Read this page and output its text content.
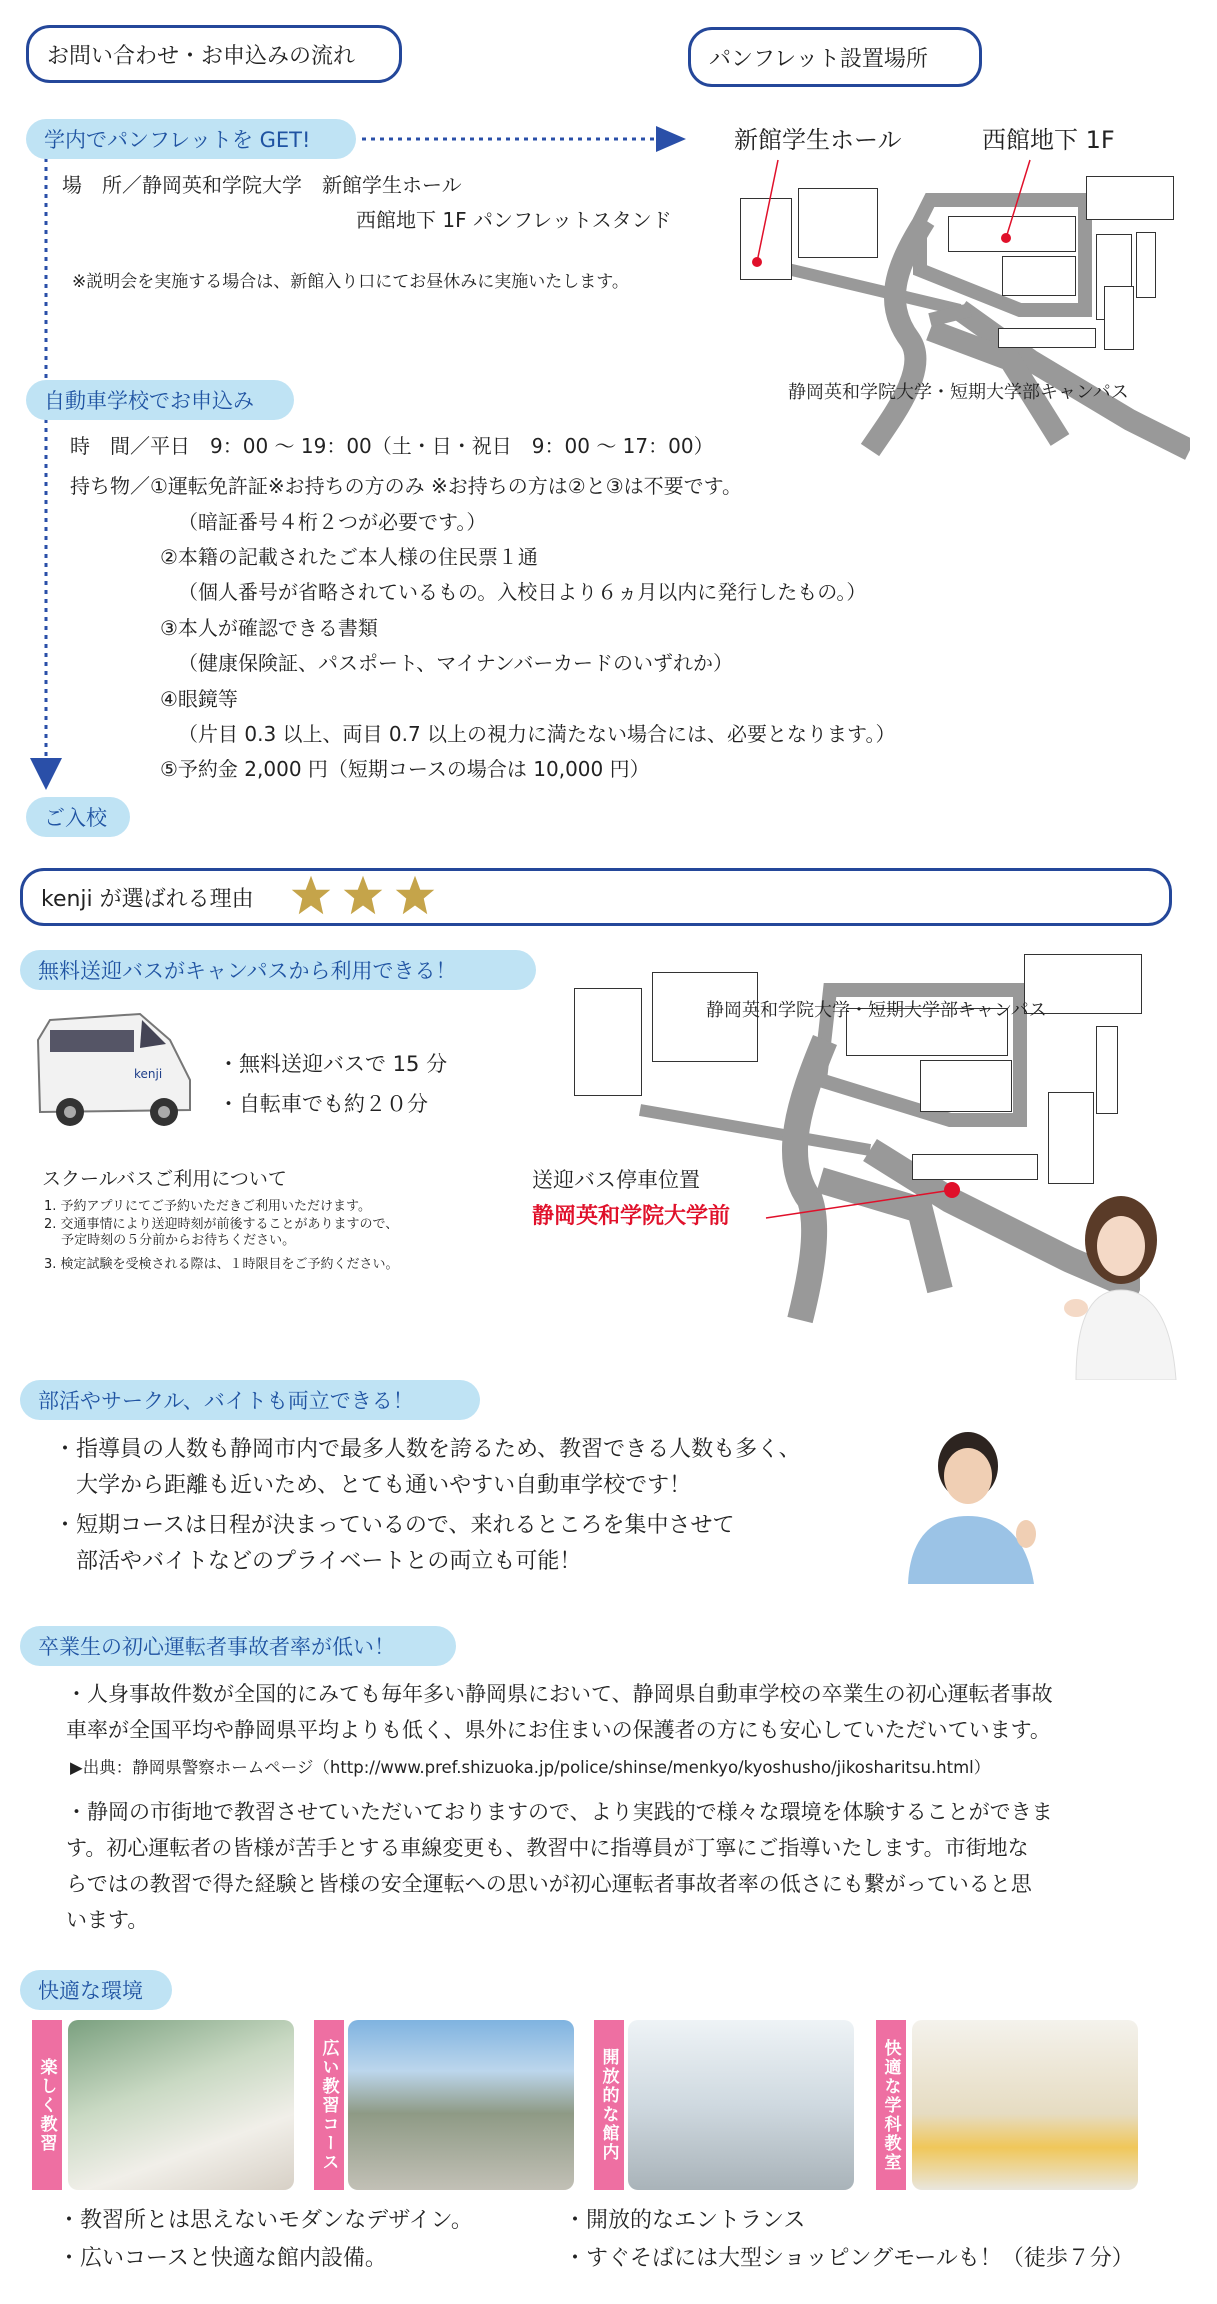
お問い合わせ・お申込みの流れ	パンフレット設置場所
学内でパンフレットを GET!
場　所／静岡英和学院大学　新館学生ホール
西館地下 1F パンフレットスタンド
※説明会を実施する場合は、新館入り口にてお昼休みに実施いたします。
自動車学校でお申込み
時　間／平日　9：00 〜 19：00（土・日・祝日　9：00 〜 17：00）
持ち物／①運転免許証※お持ちの方のみ ※お持ちの方は②と③は不要です。
（暗証番号４桁２つが必要です。）
②本籍の記載されたご本人様の住民票１通
（個人番号が省略されているもの。入校日より６ヵ月以内に発行したもの。）
③本人が確認できる書類
（健康保険証、パスポート、マイナンバーカードのいずれか）
④眼鏡等
（片目 0.3 以上、両目 0.7 以上の視力に満たない場合には、必要となります。）
⑤予約金 2,000 円（短期コースの場合は 10,000 円）
ご入校
新館学生ホール	西館地下 1F
静岡英和学院大学・短期大学部キャンパス
kenji が選ばれる理由
無料送迎バスがキャンパスから利用できる！
kenji	・無料送迎バスで 15 分
・自転車でも約２０分
スクールバスご利用について
1. 予約アプリにてご予約いただきご利用いただけます。
2. 交通事情により送迎時刻が前後することがありますので、
　 予定時刻の５分前からお待ちください。
3. 検定試験を受検される際は、１時限目をご予約ください。
静岡英和学院大学・短期大学部キャンパス
送迎バス停車位置
静岡英和学院大学前
部活やサークル、バイトも両立できる！
・指導員の人数も静岡市内で最多人数を誇るため、教習できる人数も多く、
　大学から距離も近いため、とても通いやすい自動車学校です！
・短期コースは日程が決まっているので、来れるところを集中させて
　部活やバイトなどのプライベートとの両立も可能！
卒業生の初心運転者事故者率が低い！
・人身事故件数が全国的にみても毎年多い静岡県において、静岡県自動車学校の卒業生の初心運転者事故
車率が全国平均や静岡県平均よりも低く、県外にお住まいの保護者の方にも安心していただいています。
▶出典：静岡県警察ホームページ（http://www.pref.shizuoka.jp/police/shinse/menkyo/kyoshusho/jikosharitsu.html）
・静岡の市街地で教習させていただいておりますので、より実践的で様々な環境を体験することができま
す。初心運転者の皆様が苦手とする車線変更も、教習中に指導員が丁寧にご指導いたします。市街地な
らではの教習で得た経験と皆様の安全運転への思いが初心運転者事故者率の低さにも繋がっていると思
います。
快適な環境
楽しく教習	広い教習コース	開放的な館内	快適な学科教室
・教習所とは思えないモダンなデザイン。	・開放的なエントランス
・広いコースと快適な館内設備。	・すぐそばには大型ショッピングモールも！（徒歩７分）
